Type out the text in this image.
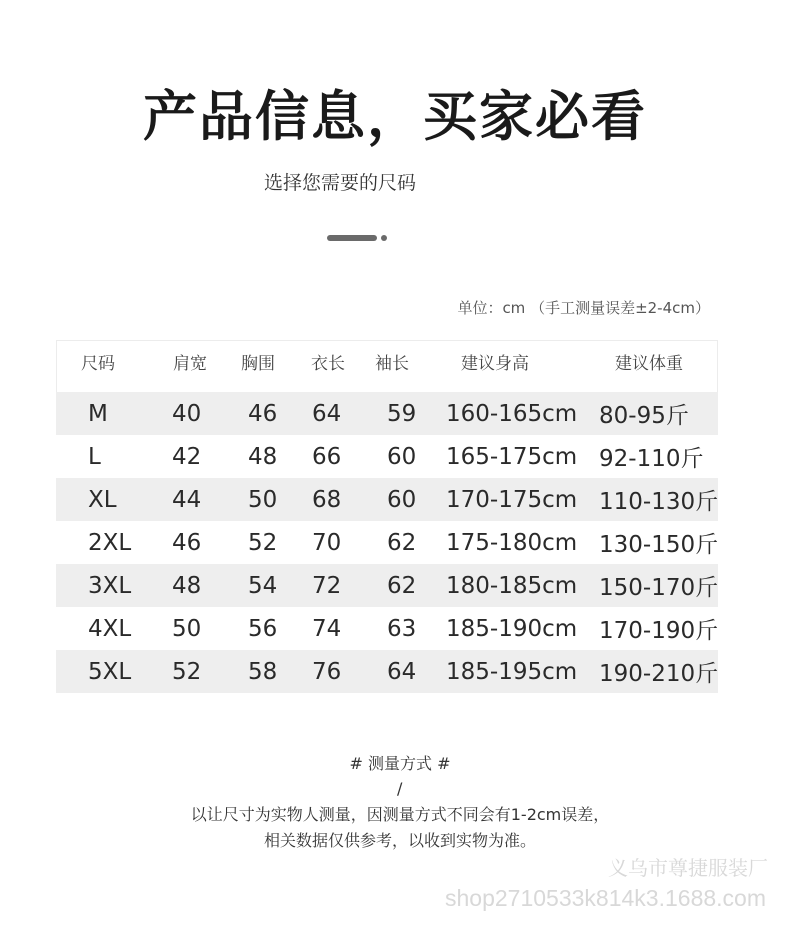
产品信息，买家必看
选择您需要的尺码
单位：cm （手工测量误差±2-4cm）
尺码	肩宽 胸围 衣长 袖长	建议身高	建议体重
M	40 46 64 59 160-165cm 80-95斤
L	42 48 66 60 165-175cm 92-110斤
XL 44 50 68 60 170-175cm 110-130斤
2XL 46 52 70 62 175-180cm 130-150斤
3XL 48 54 72 62 180-185cm 150-170斤
4XL 50 56 74 63 185-190cm 170-190斤
5XL 52 58 76 64 185-195cm 190-210斤
# 测量方式 #
/
以让尺寸为实物人测量，因测量方式不同会有1-2cm误差，
相关数据仅供参考，以收到实物为准。
义乌市尊捷服装厂
shop2710533k814k3.1688.com
